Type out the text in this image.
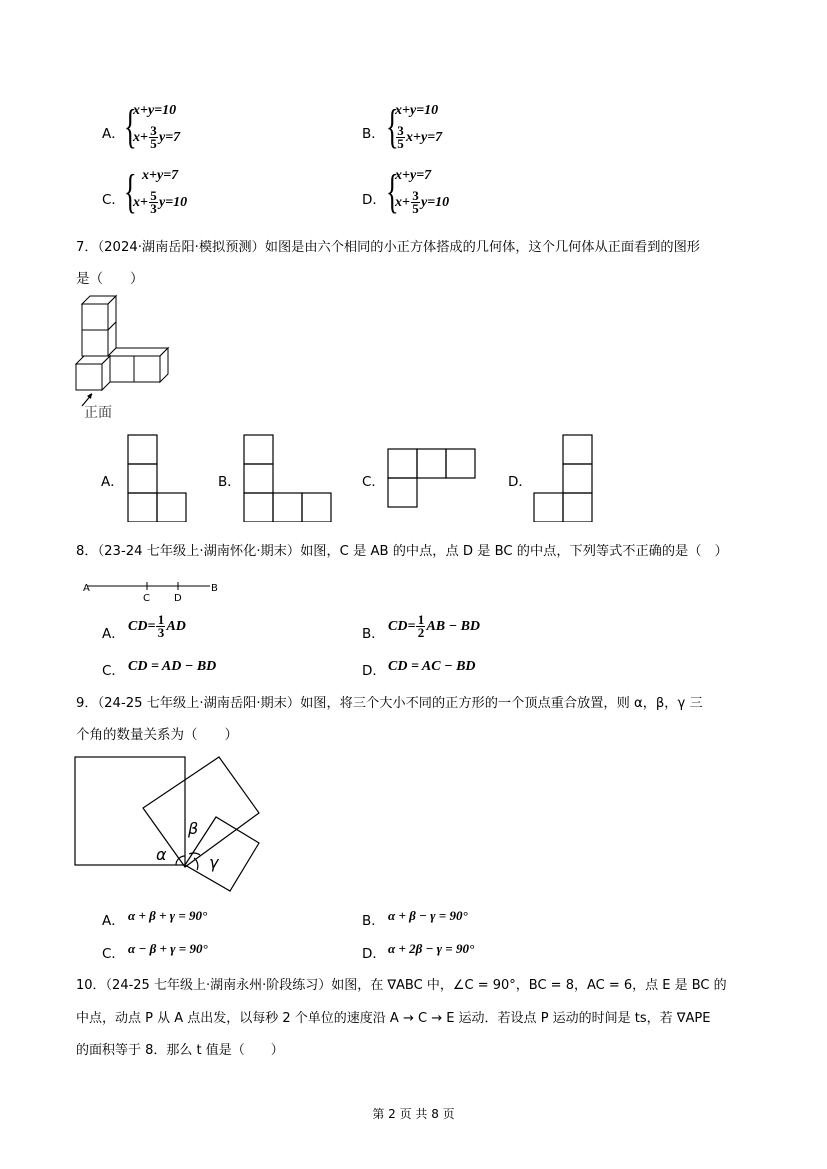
A． {
x+y=10
$x+ \frac{3}{5} y=7$	B． {
x+y=10
$\frac{3}{5} x+y=7$
C． { x+y=7
$x+ \frac{5}{3} y=10$	D． {
x+y=7
$x+ \frac{3}{5} y=10$
7．（2024·湖南岳阳·模拟预测）如图是由六个相同的小正方体搭成的几何体，这个几何体从正面看到的图形
是（　　）
正面
A．	B．	C．	D．
8．（23-24 七年级上·湖南怀化·期末）如图，C 是 AB 的中点，点 D 是 BC 的中点，下列等式不正确的是（　）
A
C D
B
A． $CD= \frac{1}{3}$ AD	B． $CD= \frac{1}{2}$ AB − BD
C． CD = AD − BD	D． CD = AC − BD
9．（24-25 七年级上·湖南岳阳·期末）如图，将三个大小不同的正方形的一个顶点重合放置，则 α，β，γ 三
个角的数量关系为（　　）
α
β
γ
A． α + β + γ = 90°	B． α + β − γ = 90°
C． α − β + γ = 90°	D． α + 2β − γ = 90°
10．（24-25 七年级上·湖南永州·阶段练习）如图，在 ∇ABC 中，∠C = 90°，BC = 8，AC = 6，点 E 是 BC 的
中点，动点 P 从 A 点出发，以每秒 2 个单位的速度沿 A → C → E 运动．若设点 P 运动的时间是 ts，若 ∇APE
的面积等于 8．那么 t 值是（　　）
第 2 页 共 8 页
